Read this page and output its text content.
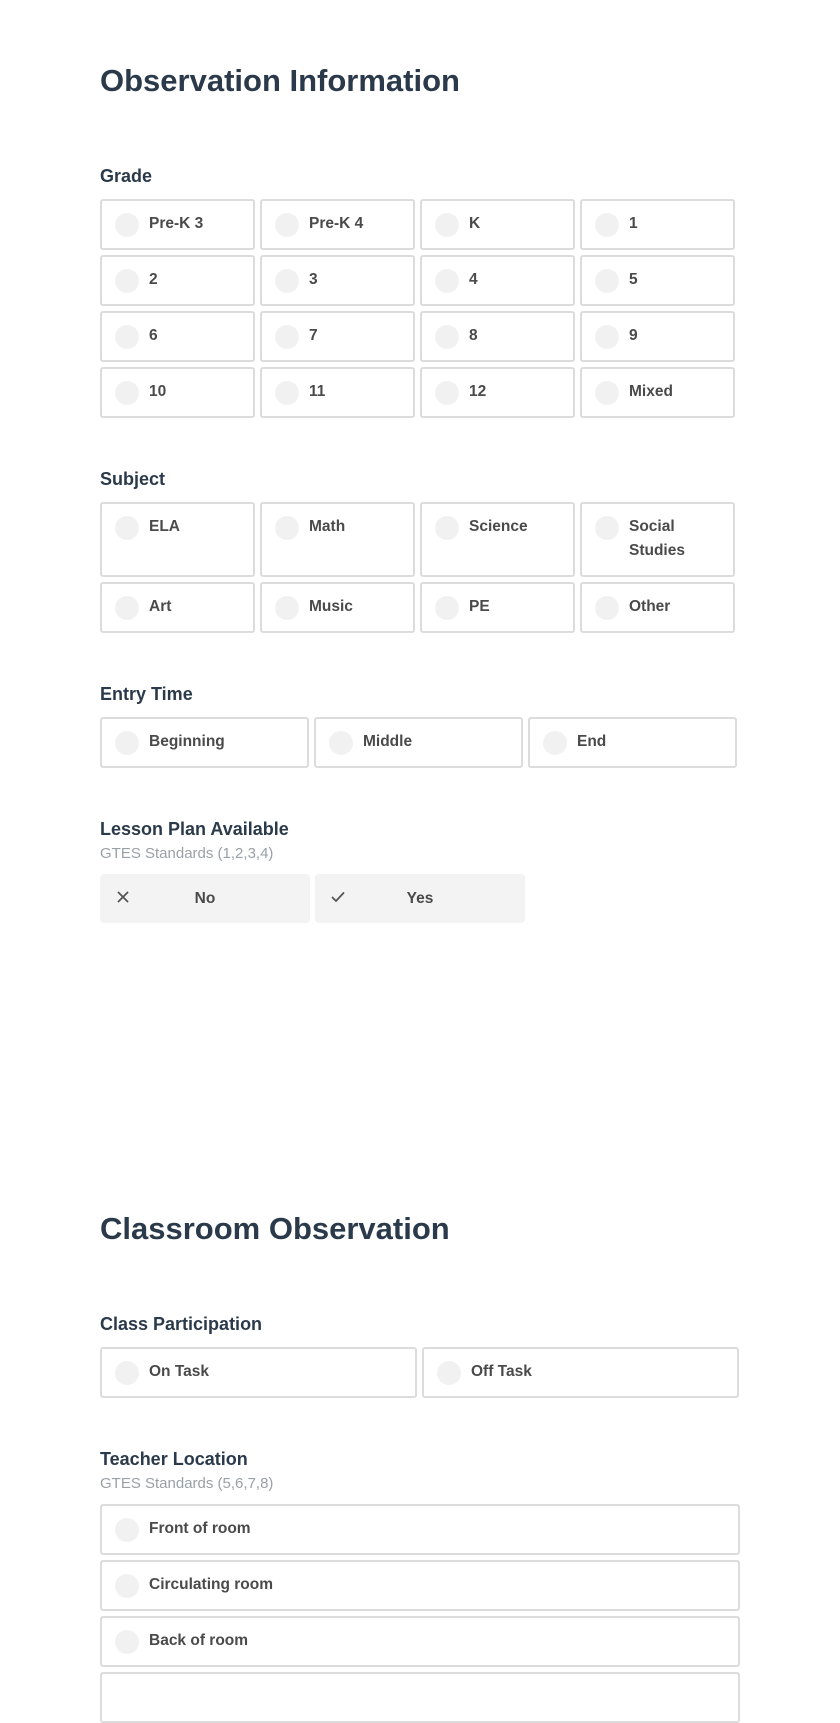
Observation Information
Grade
Pre-K 3	Pre-K 4	K	1
2	3	4	5
6	7	8	9
10	11	12	Mixed
Subject
ELA	Math	Science	Social Studies
Art	Music	PE	Other
Entry Time
Beginning	Middle	End
Lesson Plan Available
GTES Standards (1,2,3,4)
No	Yes
Classroom Observation
Class Participation
On Task	Off Task
Teacher Location
GTES Standards (5,6,7,8)
Front of room
Circulating room
Back of room
